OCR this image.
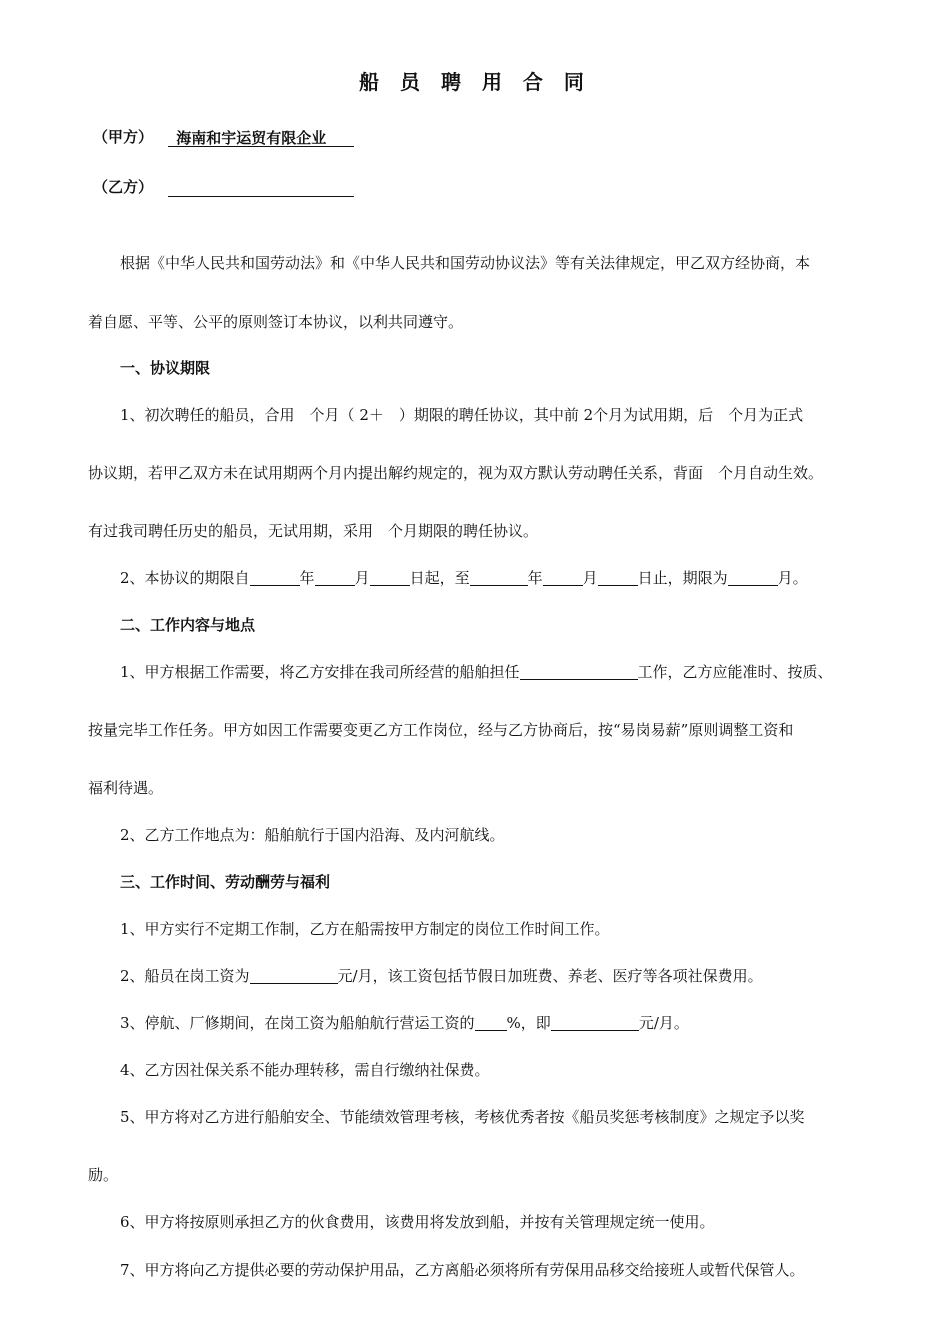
船 员 聘 用 合 同
（甲方） 海南和宇运贸有限企业
（乙方）
根据《中华人民共和国劳动法》和《中华人民共和国劳动协议法》等有关法律规定，甲乙双方经协商，本
着自愿、平等、公平的原则签订本协议，以利共同遵守。
一、协议期限
1、初次聘任的船员，合用　个月（ 2＋　）期限的聘任协议，其中前 2个月为试用期，后　个月为正式
协议期，若甲乙双方未在试用期两个月内提出解约规定的，视为双方默认劳动聘任关系，背面　个月自动生效。
有过我司聘任历史的船员，无试用期，采用　个月期限的聘任协议。
2、本协议的期限自	年	月	日起，至	年	月	日止，期限为	月。
二、工作内容与地点
1、甲方根据工作需要，将乙方安排在我司所经营的船舶担任	工作，乙方应能准时、按质、
按量完毕工作任务。甲方如因工作需要变更乙方工作岗位，经与乙方协商后，按“易岗易薪”原则调整工资和
福利待遇。
2、乙方工作地点为：船舶航行于国内沿海、及内河航线。
三、工作时间、劳动酬劳与福利
1、甲方实行不定期工作制，乙方在船需按甲方制定的岗位工作时间工作。
2、船员在岗工资为	元/月，该工资包括节假日加班费、养老、医疗等各项社保费用。
3、停航、厂修期间，在岗工资为船舶航行营运工资的 %，即	元/月。
4、乙方因社保关系不能办理转移，需自行缴纳社保费。
5、甲方将对乙方进行船舶安全、节能绩效管理考核，考核优秀者按《船员奖惩考核制度》之规定予以奖
励。
6、甲方将按原则承担乙方的伙食费用，该费用将发放到船，并按有关管理规定统一使用。
7、甲方将向乙方提供必要的劳动保护用品，乙方离船必须将所有劳保用品移交给接班人或暂代保管人。
